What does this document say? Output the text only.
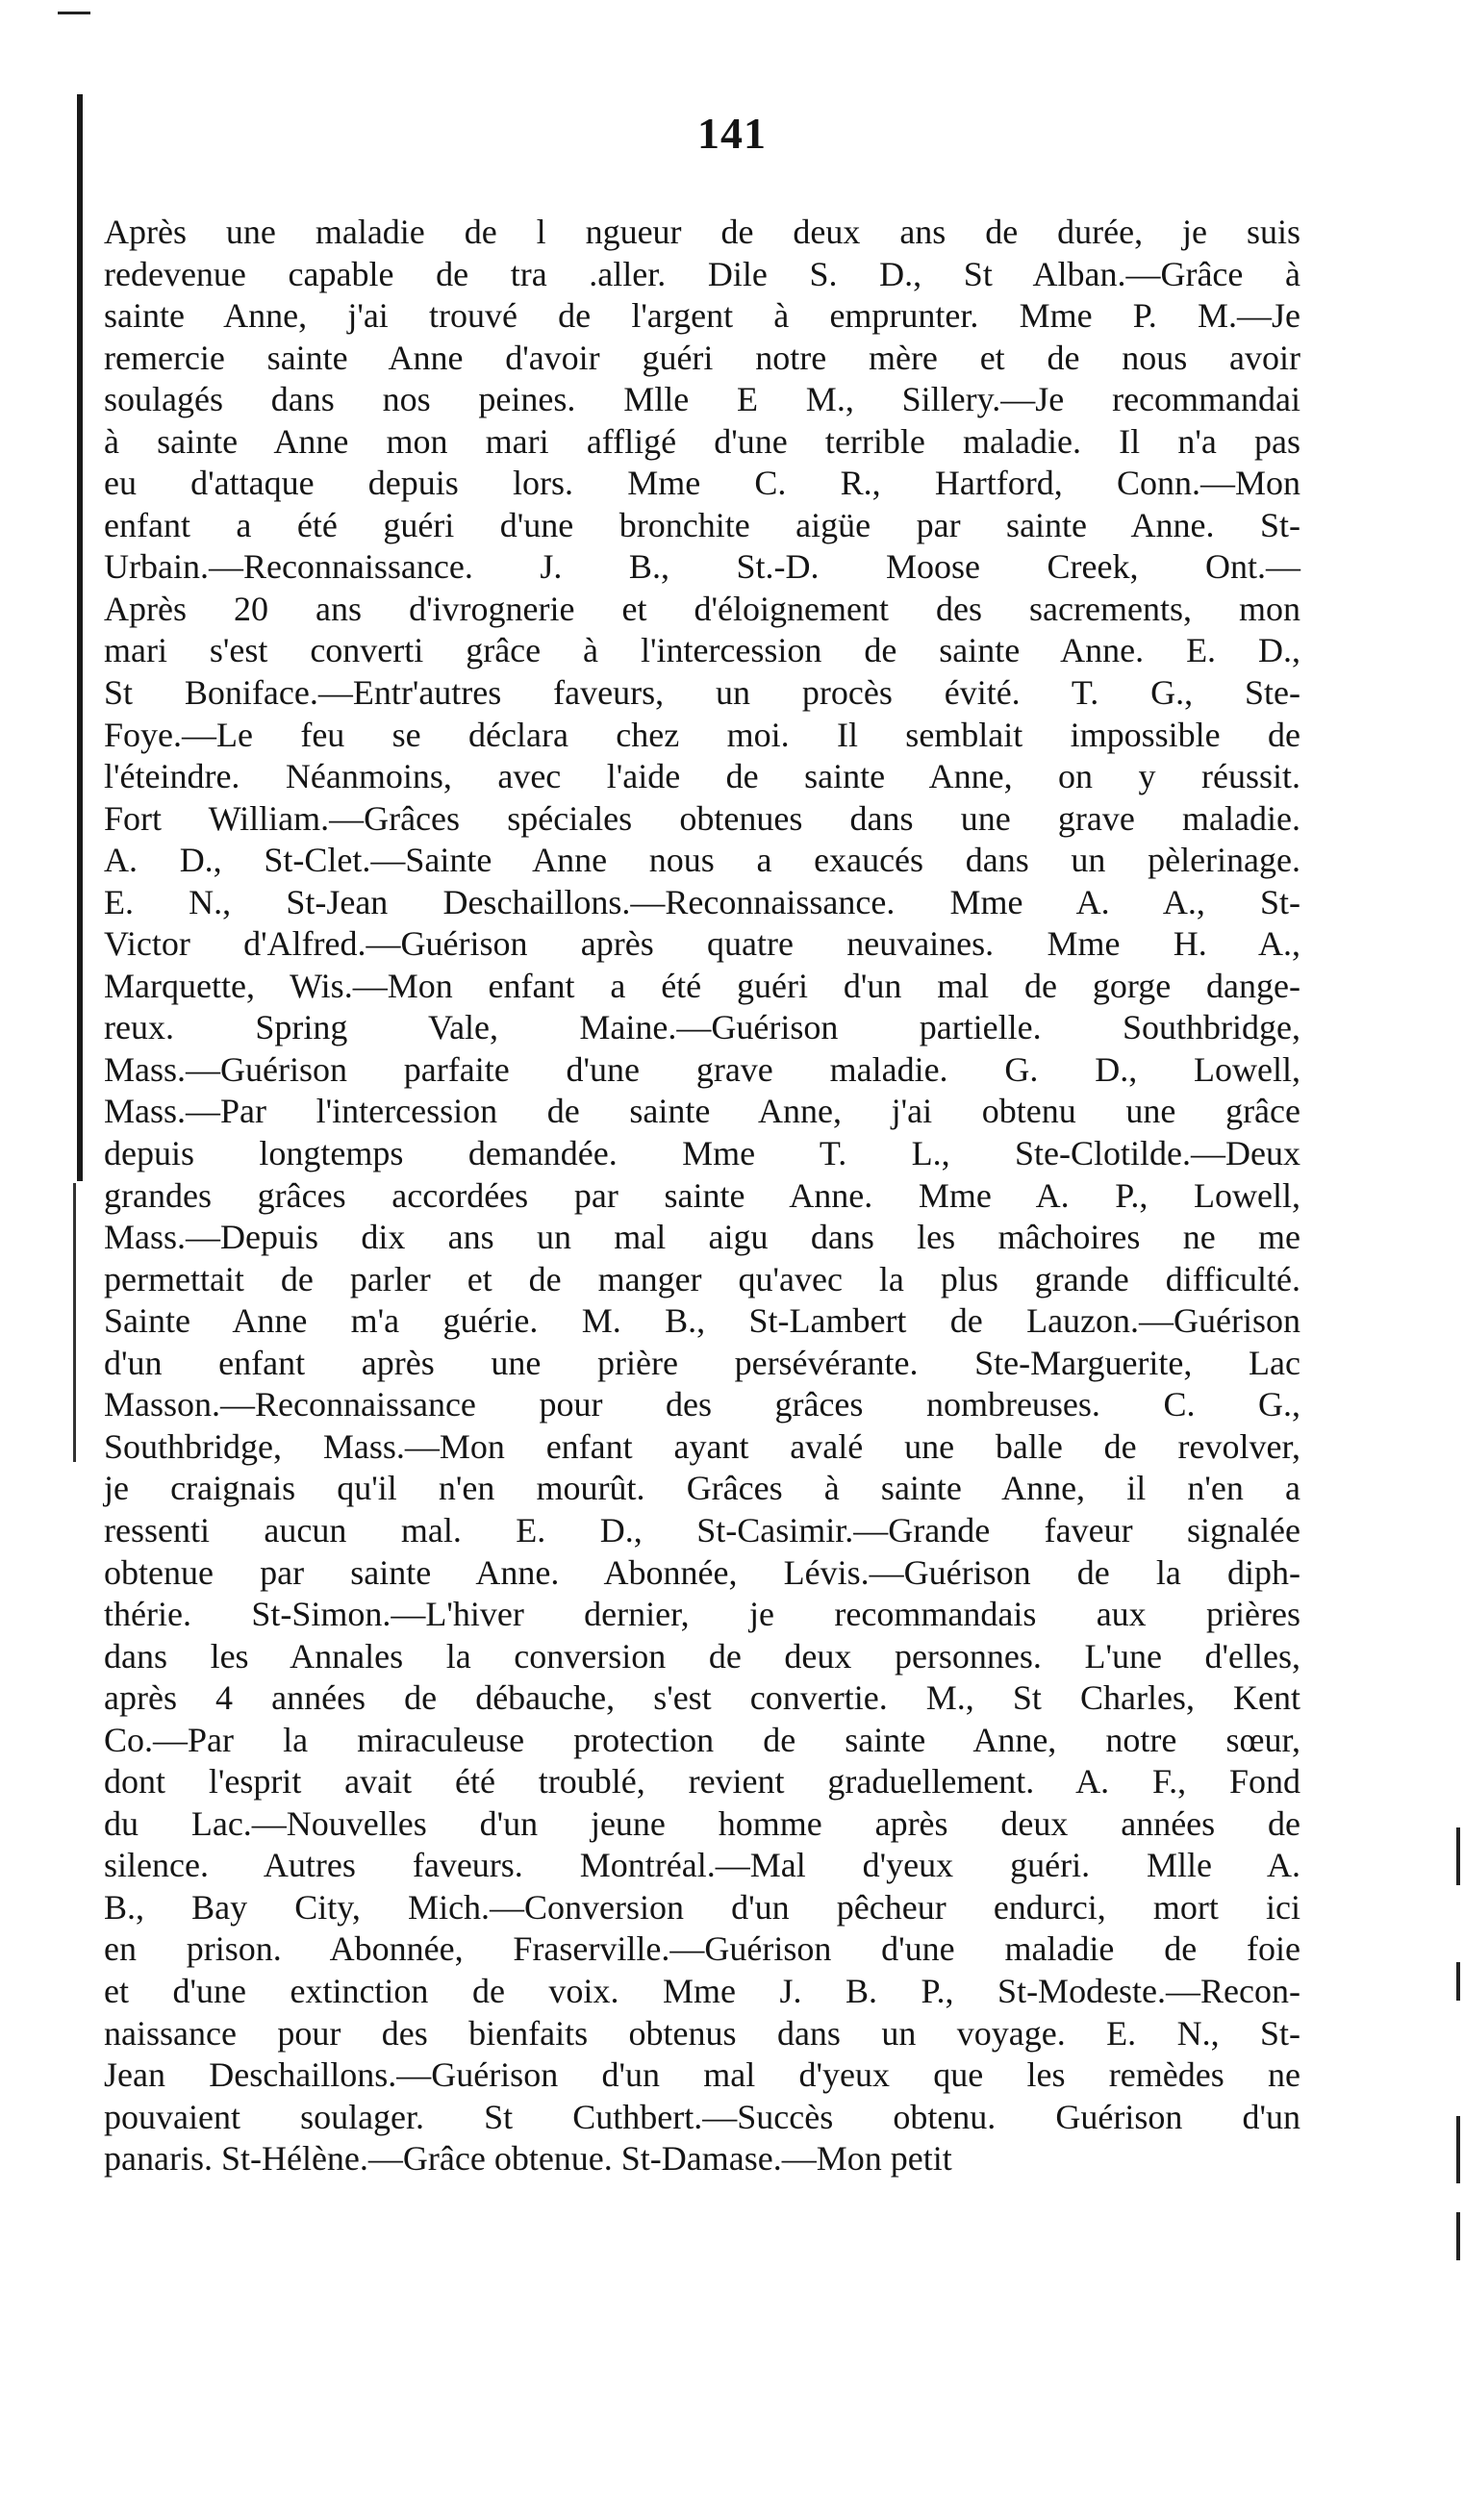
141
Après une maladie de l ngueur de deux ans de durée, je suis
redevenue capable de tra .aller. Dile S. D., St Alban.—Grâce à
sainte Anne, j'ai trouvé de l'argent à emprunter. Mme P. M.—Je
remercie sainte Anne d'avoir guéri notre mère et de nous avoir
soulagés dans nos peines. Mlle E M., Sillery.—Je recommandai
à sainte Anne mon mari affligé d'une terrible maladie. Il n'a pas
eu d'attaque depuis lors. Mme C. R., Hartford, Conn.—Mon
enfant a été guéri d'une bronchite aigüe par sainte Anne. St-
Urbain.—Reconnaissance. J. B., St.-D. Moose Creek, Ont.—
Après 20 ans d'ivrognerie et d'éloignement des sacrements, mon
mari s'est converti grâce à l'intercession de sainte Anne. E. D.,
St Boniface.—Entr'autres faveurs, un procès évité. T. G., Ste-
Foye.—Le feu se déclara chez moi. Il semblait impossible de
l'éteindre. Néanmoins, avec l'aide de sainte Anne, on y réussit.
Fort William.—Grâces spéciales obtenues dans une grave maladie.
A. D., St-Clet.—Sainte Anne nous a exaucés dans un pèlerinage.
E. N., St-Jean Deschaillons.—Reconnaissance. Mme A. A., St-
Victor d'Alfred.—Guérison après quatre neuvaines. Mme H. A.,
Marquette, Wis.—Mon enfant a été guéri d'un mal de gorge dange-
reux. Spring Vale, Maine.—Guérison partielle. Southbridge,
Mass.—Guérison parfaite d'une grave maladie. G. D., Lowell,
Mass.—Par l'intercession de sainte Anne, j'ai obtenu une grâce
depuis longtemps demandée. Mme T. L., Ste-Clotilde.—Deux
grandes grâces accordées par sainte Anne. Mme A. P., Lowell,
Mass.—Depuis dix ans un mal aigu dans les mâchoires ne me
permettait de parler et de manger qu'avec la plus grande difficulté.
Sainte Anne m'a guérie. M. B., St-Lambert de Lauzon.—Guérison
d'un enfant après une prière persévérante. Ste-Marguerite, Lac
Masson.—Reconnaissance pour des grâces nombreuses. C. G.,
Southbridge, Mass.—Mon enfant ayant avalé une balle de revolver,
je craignais qu'il n'en mourût. Grâces à sainte Anne, il n'en a
ressenti aucun mal. E. D., St-Casimir.—Grande faveur signalée
obtenue par sainte Anne. Abonnée, Lévis.—Guérison de la diph-
thérie. St-Simon.—L'hiver dernier, je recommandais aux prières
dans les Annales la conversion de deux personnes. L'une d'elles,
après 4 années de débauche, s'est convertie. M., St Charles, Kent
Co.—Par la miraculeuse protection de sainte Anne, notre sœur,
dont l'esprit avait été troublé, revient graduellement. A. F., Fond
du Lac.—Nouvelles d'un jeune homme après deux années de
silence. Autres faveurs. Montréal.—Mal d'yeux guéri. Mlle A.
B., Bay City, Mich.—Conversion d'un pêcheur endurci, mort ici
en prison. Abonnée, Fraserville.—Guérison d'une maladie de foie
et d'une extinction de voix. Mme J. B. P., St-Modeste.—Recon-
naissance pour des bienfaits obtenus dans un voyage. E. N., St-
Jean Deschaillons.—Guérison d'un mal d'yeux que les remèdes ne
pouvaient soulager. St Cuthbert.—Succès obtenu. Guérison d'un
panaris. St-Hélène.—Grâce obtenue. St-Damase.—Mon petit
